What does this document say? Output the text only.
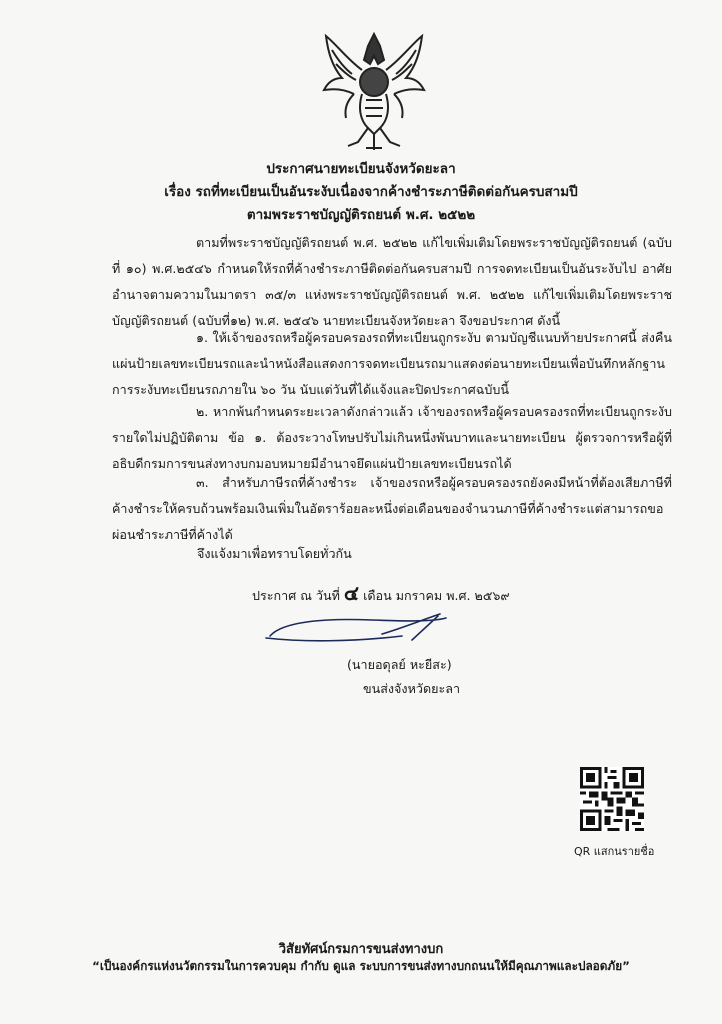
ประกาศนายทะเบียนจังหวัดยะลา
เรื่อง รถที่ทะเบียนเป็นอันระงับเนื่องจากค้างชำระภาษีติดต่อกันครบสามปี
ตามพระราชบัญญัติรถยนต์ พ.ศ. ๒๕๒๒

ตามที่พระราชบัญญัติรถยนต์ พ.ศ. ๒๕๒๒ แก้ไขเพิ่มเติมโดยพระราชบัญญัติรถยนต์ (ฉบับที่ ๑๐) พ.ศ.๒๕๔๖ กำหนดให้รถที่ค้างชำระภาษีติดต่อกันครบสามปี การจดทะเบียนเป็นอันระงับไป อาศัยอำนาจตามความในมาตรา ๓๕/๓ แห่งพระราชบัญญัติรถยนต์ พ.ศ. ๒๕๒๒ แก้ไขเพิ่มเติมโดยพระราชบัญญัติรถยนต์ (ฉบับที่๑๒) พ.ศ. ๒๕๔๖ นายทะเบียนจังหวัดยะลา จึงขอประกาศ ดังนี้

๑. ให้เจ้าของรถหรือผู้ครอบครองรถที่ทะเบียนถูกระงับ ตามบัญชีแนบท้ายประกาศนี้ ส่งคืนแผ่นป้ายเลขทะเบียนรถและนำหนังสือแสดงการจดทะเบียนรถมาแสดงต่อนายทะเบียนเพื่อบันทึกหลักฐานการระงับทะเบียนรถภายใน ๖๐ วัน นับแต่วันที่ได้แจ้งและปิดประกาศฉบับนี้

๒. หากพ้นกำหนดระยะเวลาดังกล่าวแล้ว เจ้าของรถหรือผู้ครอบครองรถที่ทะเบียนถูกระงับรายใดไม่ปฏิบัติตาม ข้อ ๑. ต้องระวางโทษปรับไม่เกินหนึ่งพันบาทและนายทะเบียน ผู้ตรวจการหรือผู้ที่อธิบดีกรมการขนส่งทางบกมอบหมายมีอำนาจยึดแผ่นป้ายเลขทะเบียนรถได้

๓. สำหรับภาษีรถที่ค้างชำระ เจ้าของรถหรือผู้ครอบครองรถยังคงมีหน้าที่ต้องเสียภาษีที่ค้างชำระให้ครบถ้วนพร้อมเงินเพิ่มในอัตราร้อยละหนึ่งต่อเดือนของจำนวนภาษีที่ค้างชำระแต่สามารถขอผ่อนชำระภาษีที่ค้างได้

จึงแจ้งมาเพื่อทราบโดยทั่วกัน
ประกาศ ณ วันที่ ๔ เดือน มกราคม พ.ศ. ๒๕๖๙
(นายอดุลย์ หะยีสะ)
ขนส่งจังหวัดยะลา
QR แสกนรายชื่อ
วิสัยทัศน์กรมการขนส่งทางบก
“เป็นองค์กรแห่งนวัตกรรมในการควบคุม กำกับ ดูแล ระบบการขนส่งทางบกถนนให้มีคุณภาพและปลอดภัย”
